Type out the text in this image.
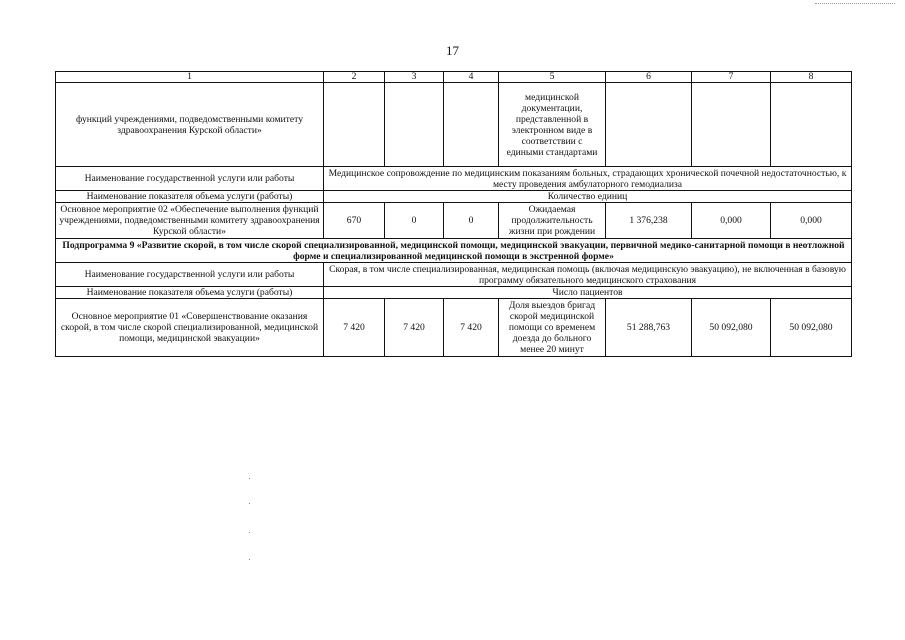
17
1	2	3	4	5	6	7	8
функций учреждениями, подведомственными комитету здравоохранения Курской области»				медицинской документации, представленной в электронном виде в соответствии с едиными стандартами			
Наименование государственной услуги или работы	Медицинское сопровождение по медицинским показаниям больных, страдающих хронической почечной недостаточностью, к месту проведения амбулаторного гемодиализа						
Наименование показателя объема услуги (работы)	Количество единиц						
Основное мероприятие 02 «Обеспечение выполнения функций учреждениями, подведомственными комитету здравоохранения Курской области»	670	0	0	Ожидаемая продолжительность жизни при рождении	1 376,238	0,000	0,000
Подпрограмма 9 «Развитие скорой, в том числе скорой специализированной, медицинской помощи, медицинской эвакуации, первичной медико-санитарной помощи в неотложной форме и специализированной медицинской помощи в экстренной форме»							
Наименование государственной услуги или работы	Скорая, в том числе специализированная, медицинская помощь (включая медицинскую эвакуацию), не включенная в базовую программу обязательного медицинского страхования						
Наименование показателя объема услуги (работы)	Число пациентов						
Основное мероприятие 01 «Совершенствование оказания скорой, в том числе скорой специализированной, медицинской помощи, медицинской эвакуации»	7 420	7 420	7 420	Доля выездов бригад скорой медицинской помощи со временем доезда до больного менее 20 минут	51 288,763	50 092,080	50 092,080
